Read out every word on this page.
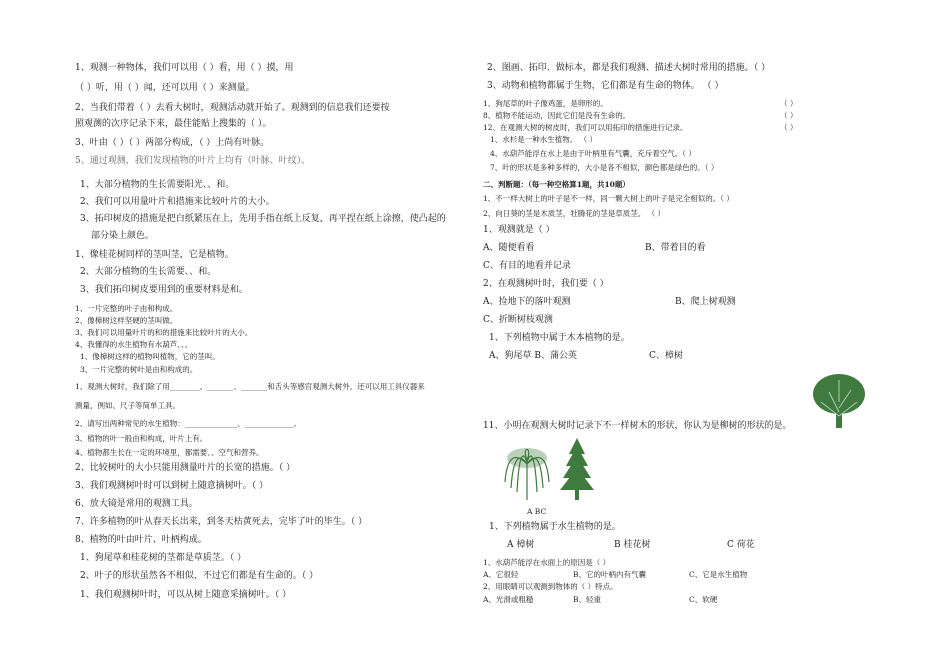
1、观测一种物体，我们可以用（ ）看，用（ ）摸，用
（ ）听，用（ ）闻，还可以用（ ）来测量。
2、当我们带着（ ）去看大树时，观测活动就开始了。观测到的信息我们还要按
照观测的次序记录下来，最佳能贴上搜集的（ ）。
3、叶由（ ）（ ）两部分构成，（ ）上尚有叶脉。
5、通过观测，我们发现植物的叶片上均有（叶脉、叶纹）。
1、大部分植物的生长需要阳光、、和。
2、我们可以用量叶片和措施来比较叶片的大小。
3、拓印树皮的措施是把白纸紧压在上，先用手指在纸上反复，再平捏在纸上涂擦，使凸起的
部分染上颜色。
1、像桂花树同样的茎叫茎，它是植物。
2、大部分植物的生长需要、、和。
3、我们拓印树皮要用到的重要材料是和。
1、一片完整的叶子由和构成。
2、像樟树这样坚硬的茎叫做。
3、我们可以用量叶片的和的措施来比较叶片的大小。
4、我懂得的水生植物有水葫芦、、。
1、像樟树这样的植物叫植物，它的茎叫。
3、一片完整的树叶是由和构成的。
1、观测大树时，我们除了用________、_______、_______和舌头等感官观测大树外，还可以用工具仪器来
测量，例如、尺子等简单工具。
2、请写出两种常见的水生植物：______________、_____________。
3、植物的叶一般由和构成，叶片上有。
4、植物都生长在一定的环境里，都需要、、空气和营养。
2、比较树叶的大小只能用测量叶片的长宽的措施。（ ）
3、我们观测树叶时可以到树上随意摘树叶。（ ）
6、放大镜是常用的观测工具。
7、许多植物的叶从春天长出来，到冬天枯黄死去，完毕了叶的毕生。（ ）
8、植物的叶由叶片、叶柄构成。
1、狗尾草和桂花树的茎都是草质茎。（ ）
2、叶子的形状虽然各不相似，不过它们都是有生命的。（ ）
1、我们观测树叶时，可以从树上随意采摘树叶。（ ）
2、图画、拓印、做标本，都是我们观测、描述大树时常用的措施。（ ）
3、动物和植物都属于生物，它们都是有生命的物体。 （ ）
1、狗尾草的叶子像鸡蛋，是卵形的。	（ ）
8、植物不能运动，因此它们是没有生命的。	（ ）
12、在观测大树的树皮时，我们可以用拓印的措施进行记录。	（ ）
1、水杉是一种水生植物。 （ ）
4、水葫芦能浮在水上是由于叶柄里有气囊，充斥着空气。（ ）
7、叶的形状是多种多样的，大小是各不相似，颜色都是绿色的。（ ）
二、判断题：（每一种空格算1题，共10题）
1、不一样大树上的叶子是不一样，同一颗大树上的叶子是完全相似的。（ ）
2、向日葵的茎是木质茎，牡腾花的茎是草质茎。 （ ）
1、观测就是（ ）
A、随便看看	B、带着目的看
C、有目的地看并记录
2、在观测树叶时，我们要（ ）
A、捡地下的落叶观测	B、爬上树观测
C、折断树枝观测
1、下列植物中属于木本植物的是。
A、狗尾草 B、蒲公英	C、樟树
11、小明在观测大树时记录下不一样树木的形状，你认为是柳树的形状的是。
A BC
1、下列植物属于水生植物的是。
A 樟树	B 桂花树	C 荷花
1、水葫芦能浮在水面上的原因是（ ）
A、它很轻	B、它的叶柄内有气囊	C、它是水生植物
2、用眼睛可以观测到物体的（ ）特点。
A、光滑或粗糙	B、轻重	C、软硬
